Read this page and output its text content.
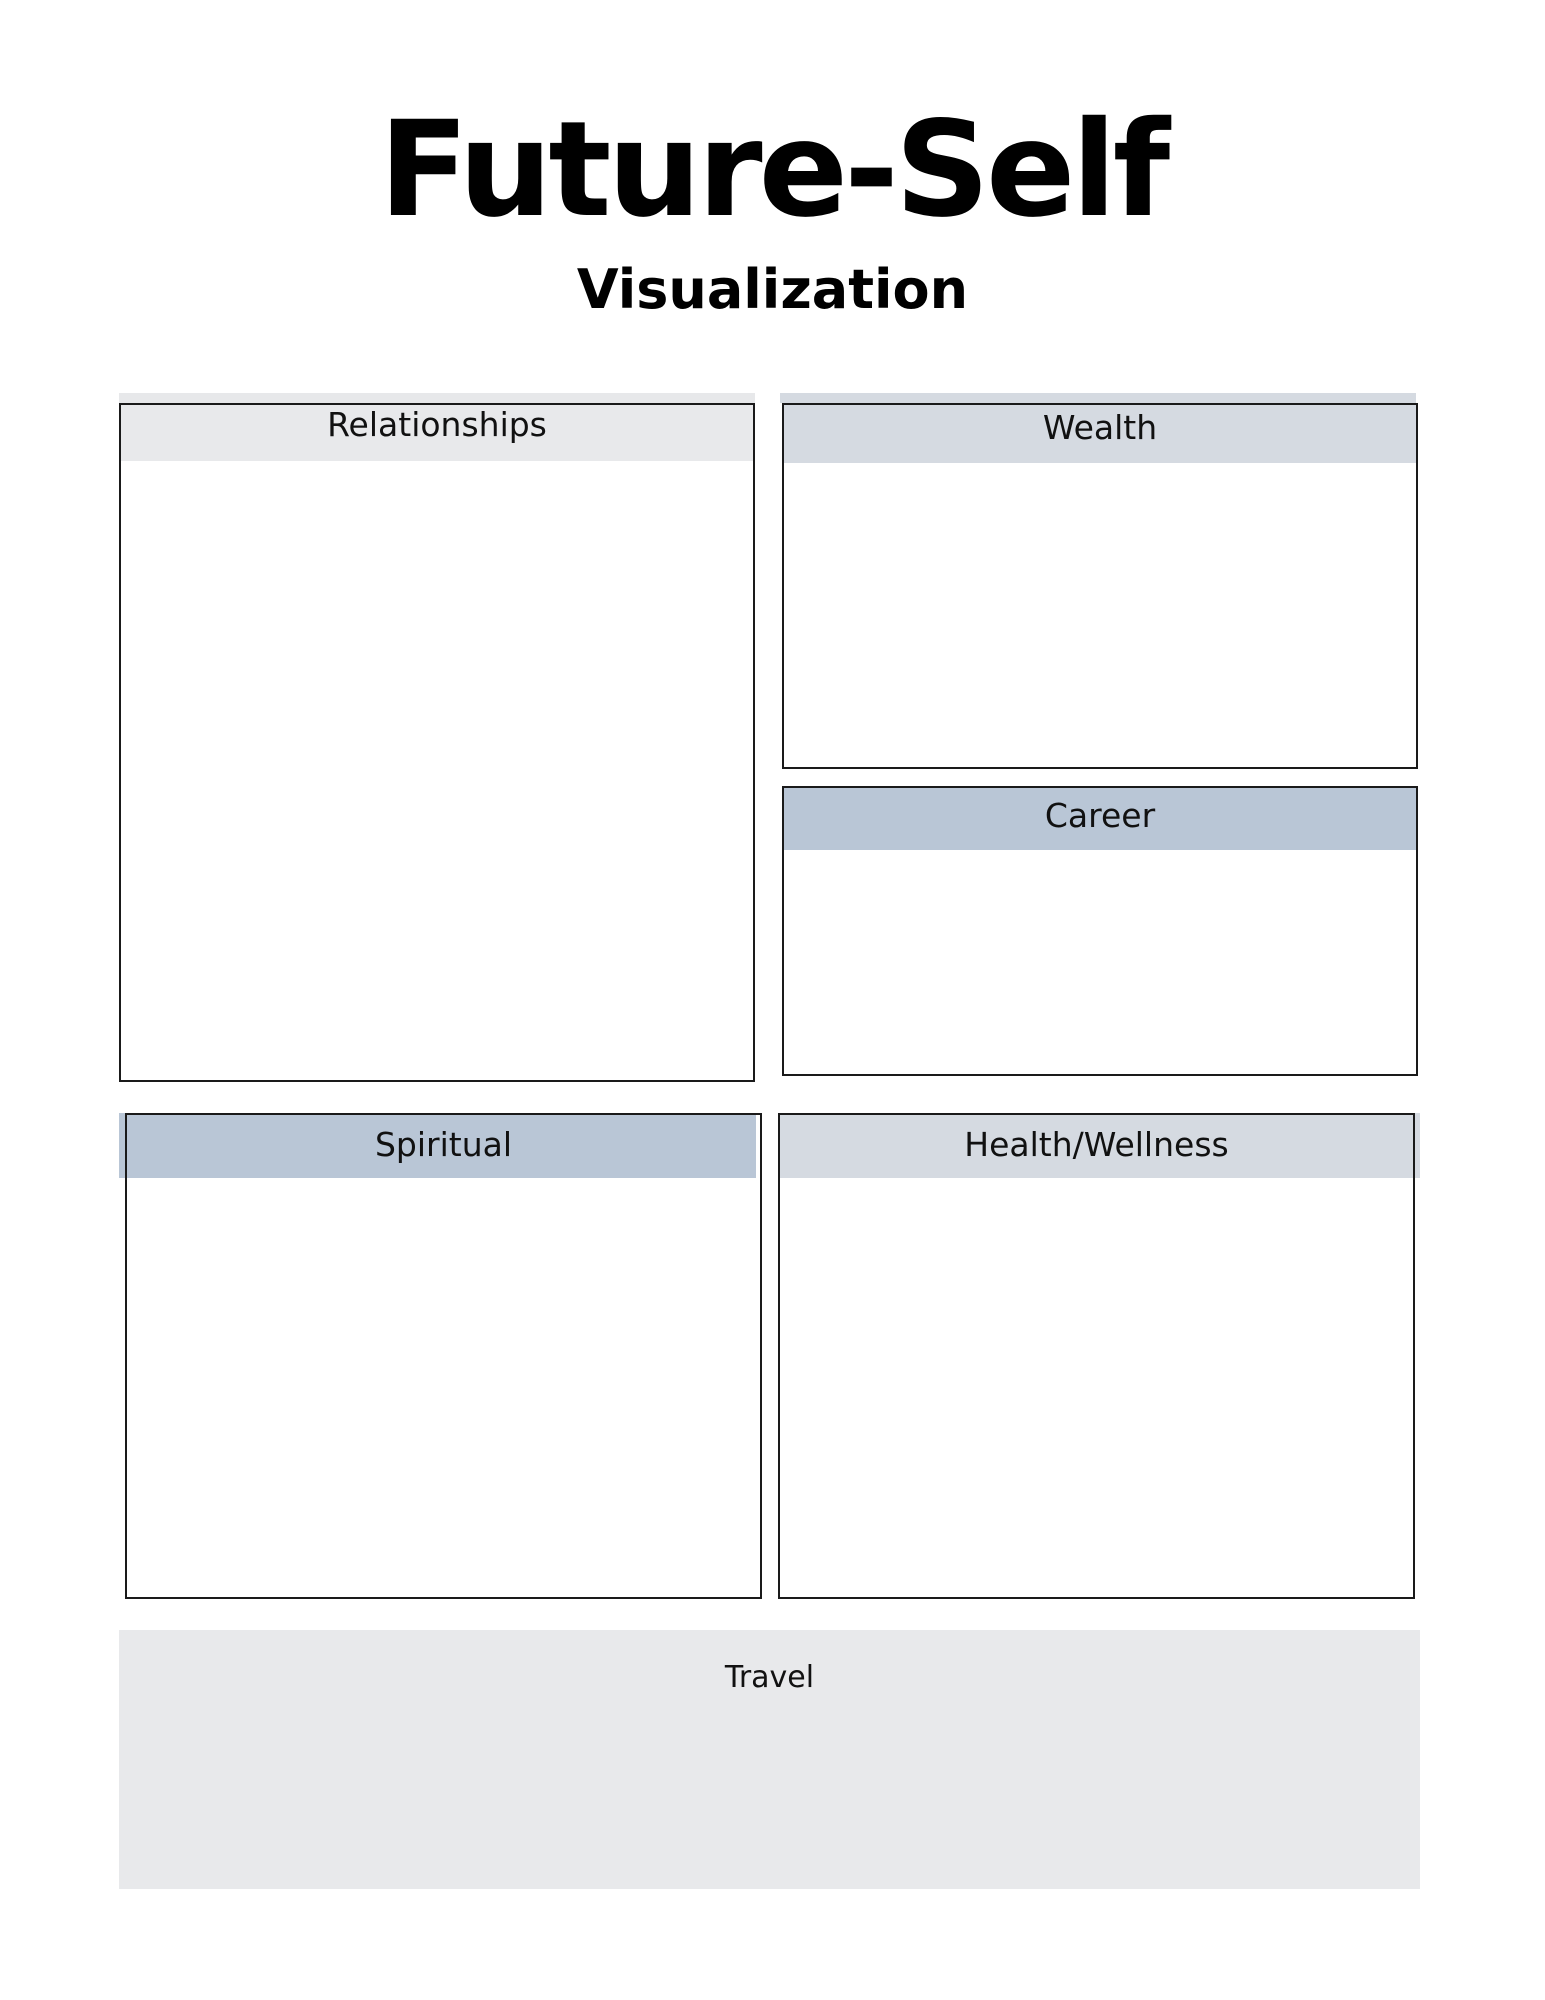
Future-Self
Visualization
Relationships	Wealth
Career
Spiritual	Health/Wellness
Travel
